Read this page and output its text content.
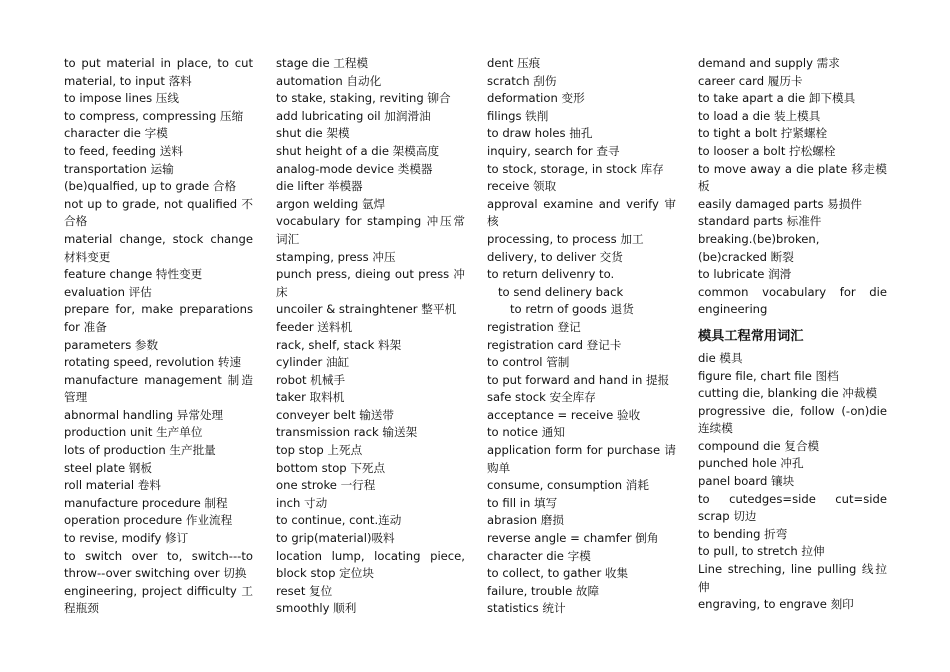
to put material in place, to cut material, to input 落料
to impose lines 压线
to compress, compressing 压缩
character die 字模
to feed, feeding 送料
transportation 运输
(be)qualfied, up to grade 合格
not up to grade, not qualified 不合格
material change, stock change 材料变更
feature change 特性变更
evaluation 评估
prepare for, make preparations for 准备
parameters 参数
rotating speed, revolution 转速
manufacture management 制造管理
abnormal handling 异常处理
production unit 生产单位
lots of production 生产批量
steel plate 钢板
roll material 卷料
manufacture procedure 制程
operation procedure 作业流程
to revise, modify 修订
to switch over to, switch---to throw--over switching over 切换
engineering, project difficulty 工程瓶颈
stage die 工程模
automation 自动化
to stake, staking, reviting 铆合
add lubricating oil 加润滑油
shut die 架模
shut height of a die 架模高度
analog-mode device 类模器
die lifter 举模器
argon welding 氩焊
vocabulary for stamping 冲压常词汇
stamping, press 冲压
punch press, dieing out press 冲床
uncoiler & strainghtener 整平机
feeder 送料机
rack, shelf, stack 料架
cylinder 油缸
robot 机械手
taker 取料机
conveyer belt 输送带
transmission rack 输送架
top stop 上死点
bottom stop 下死点
one stroke 一行程
inch 寸动
to continue, cont.连动
to grip(material)吸料
location lump, locating piece, block stop 定位块
reset 复位
smoothly 顺利
dent 压痕
scratch 刮伤
deformation 变形
filings 铁削
to draw holes 抽孔
inquiry, search for 查寻
to stock, storage, in stock 库存
receive 领取
approval examine and verify 审核
processing, to process 加工
delivery, to deliver 交货
to return delivenry to.
to send delinery back
to retrn of goods 退货
registration 登记
registration card 登记卡
to control 管制
to put forward and hand in 提报
safe stock 安全库存
acceptance = receive 验收
to notice 通知
application form for purchase 请购单
consume, consumption 消耗
to fill in 填写
abrasion 磨损
reverse angle = chamfer 倒角
character die 字模
to collect, to gather 收集
failure, trouble 故障
statistics 统计
demand and supply 需求
career card 履历卡
to take apart a die 卸下模具
to load a die 装上模具
to tight a bolt 拧紧螺栓
to looser a bolt 拧松螺栓
to move away a die plate 移走模板
easily damaged parts 易损件
standard parts 标准件
breaking.(be)broken, (be)cracked 断裂
to lubricate 润滑
common vocabulary for die engineering
模具工程常用词汇
die 模具
figure file, chart file 图档
cutting die, blanking die 冲裁模
progressive die, follow (-on)die 连续模
compound die 复合模
punched hole 冲孔
panel board 镶块
to cutedges=side cut=side scrap 切边
to bending 折弯
to pull, to stretch 拉伸
Line streching, line pulling 线拉伸
engraving, to engrave 刻印
